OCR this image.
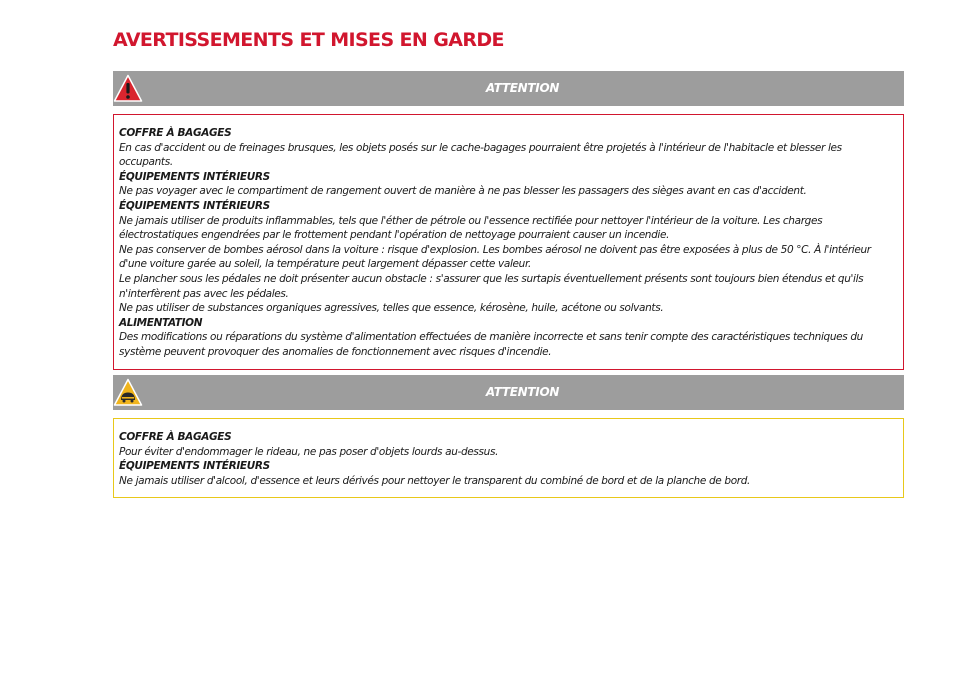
AVERTISSEMENTS ET MISES EN GARDE
ATTENTION

COFFRE À BAGAGES

En cas d'accident ou de freinages brusques, les objets posés sur le cache-bagages pourraient être projetés à l'intérieur de l'habitacle et blesser les occupants.

ÉQUIPEMENTS INTÉRIEURS

Ne pas voyager avec le compartiment de rangement ouvert de manière à ne pas blesser les passagers des sièges avant en cas d'accident.

ÉQUIPEMENTS INTÉRIEURS

Ne jamais utiliser de produits inflammables, tels que l'éther de pétrole ou l'essence rectifiée pour nettoyer l'intérieur de la voiture. Les charges électrostatiques engendrées par le frottement pendant l'opération de nettoyage pourraient causer un incendie.

Ne pas conserver de bombes aérosol dans la voiture : risque d'explosion. Les bombes aérosol ne doivent pas être exposées à plus de 50 °C. À l'intérieur d'une voiture garée au soleil, la température peut largement dépasser cette valeur.

Le plancher sous les pédales ne doit présenter aucun obstacle : s'assurer que les surtapis éventuellement présents sont toujours bien étendus et qu'ils n'interfèrent pas avec les pédales.

Ne pas utiliser de substances organiques agressives, telles que essence, kérosène, huile, acétone ou solvants.

ALIMENTATION

Des modifications ou réparations du système d'alimentation effectuées de manière incorrecte et sans tenir compte des caractéristiques techniques du système peuvent provoquer des anomalies de fonctionnement avec risques d'incendie.

ATTENTION

COFFRE À BAGAGES

Pour éviter d'endommager le rideau, ne pas poser d'objets lourds au-dessus.

ÉQUIPEMENTS INTÉRIEURS

Ne jamais utiliser d'alcool, d'essence et leurs dérivés pour nettoyer le transparent du combiné de bord et de la planche de bord.
